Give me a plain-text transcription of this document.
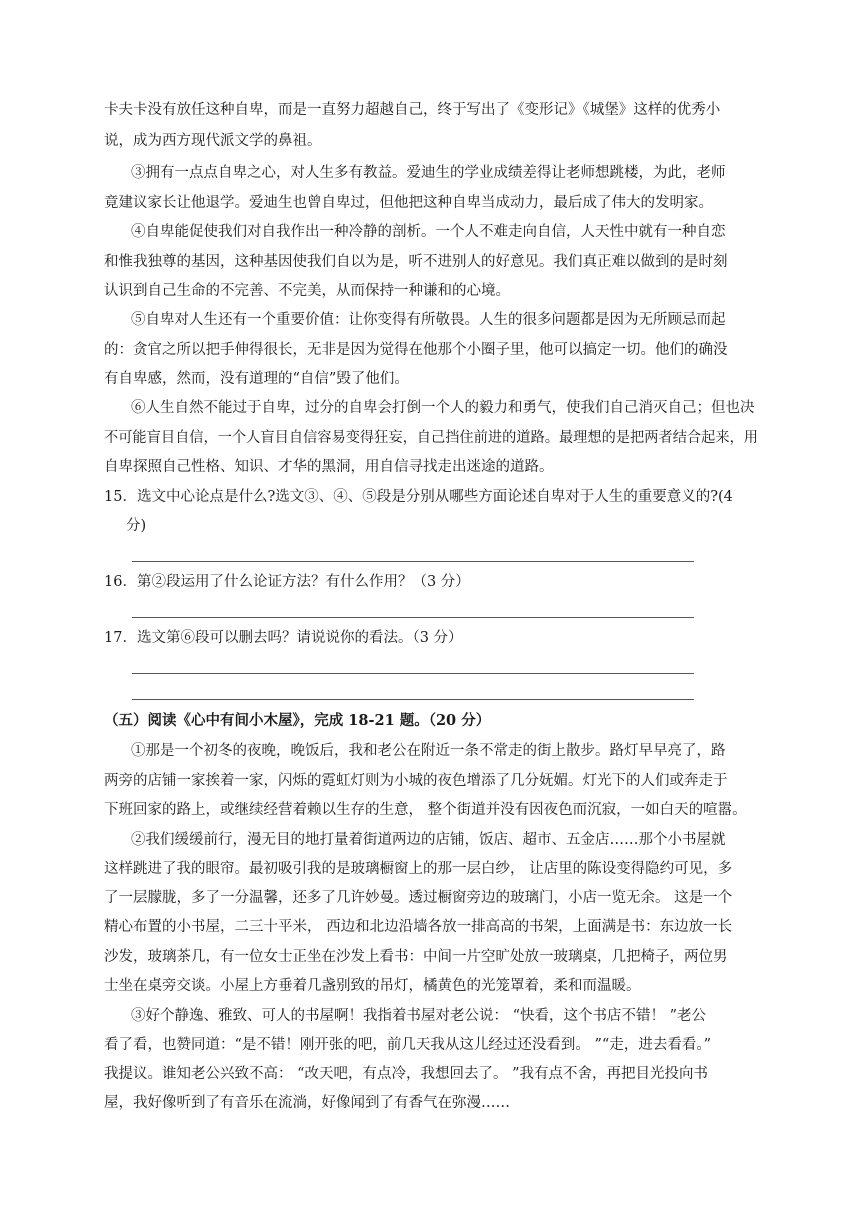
卡夫卡没有放任这种自卑，而是一直努力超越自己，终于写出了《变形记》《城堡》这样的优秀小
说，成为西方现代派文学的鼻祖。
③拥有一点点自卑之心，对人生多有教益。爱迪生的学业成绩差得让老师想跳楼，为此，老师
竟建议家长让他退学。爱迪生也曾自卑过，但他把这种自卑当成动力，最后成了伟大的发明家。
④自卑能促使我们对自我作出一种冷静的剖析。一个人不难走向自信，人天性中就有一种自恋
和惟我独尊的基因，这种基因使我们自以为是，听不进别人的好意见。我们真正难以做到的是时刻
认识到自己生命的不完善、不完美，从而保持一种谦和的心境。
⑤自卑对人生还有一个重要价值：让你变得有所敬畏。人生的很多问题都是因为无所顾忌而起
的：贪官之所以把手伸得很长，无非是因为觉得在他那个小圈子里，他可以搞定一切。他们的确没
有自卑感，然而，没有道理的“自信”毁了他们。
⑥人生自然不能过于自卑，过分的自卑会打倒一个人的毅力和勇气，使我们自己消灭自己；但也决
不可能盲目自信，一个人盲目自信容易变得狂妄，自己挡住前进的道路。最理想的是把两者结合起来，用
自卑探照自己性格、知识、才华的黑洞，用自信寻找走出迷途的道路。
15．选文中心论点是什么?选文③、④、⑤段是分别从哪些方面论述自卑对于人生的重要意义的?(4
分)
16．第②段运用了什么论证方法？有什么作用？（3 分）
17．选文第⑥段可以删去吗？请说说你的看法。（3 分）
（五）阅读《心中有间小木屋》，完成 18-21 题。（20 分）
①那是一个初冬的夜晚，晚饭后，我和老公在附近一条不常走的街上散步。路灯早早亮了，路
两旁的店铺一家挨着一家，闪烁的霓虹灯则为小城的夜色增添了几分妩媚。灯光下的人们或奔走于
下班回家的路上，或继续经营着赖以生存的生意， 整个街道并没有因夜色而沉寂，一如白天的喧嚣。
②我们缓缓前行，漫无目的地打量着街道两边的店铺，饭店、超市、五金店……那个小书屋就
这样跳进了我的眼帘。最初吸引我的是玻璃橱窗上的那一层白纱， 让店里的陈设变得隐约可见，多
了一层朦胧，多了一分温馨，还多了几许妙曼。透过橱窗旁边的玻璃门，小店一览无余。 这是一个
精心布置的小书屋，二三十平米， 西边和北边沿墙各放一排高高的书架，上面满是书：东边放一长
沙发，玻璃茶几，有一位女士正坐在沙发上看书：中间一片空旷处放一玻璃桌，几把椅子，两位男
士坐在桌旁交谈。小屋上方垂着几盏别致的吊灯，橘黄色的光笼罩着，柔和而温暖。
③好个静逸、雅致、可人的书屋啊！我指着书屋对老公说： “快看，这个书店不错！ ”老公
看了看，也赞同道：“是不错！刚开张的吧，前几天我从这儿经过还没看到。 ”“走，进去看看。”
我提议。谁知老公兴致不高： “改天吧，有点冷，我想回去了。 ”我有点不舍，再把目光投向书
屋，我好像听到了有音乐在流淌，好像闻到了有香气在弥漫……
